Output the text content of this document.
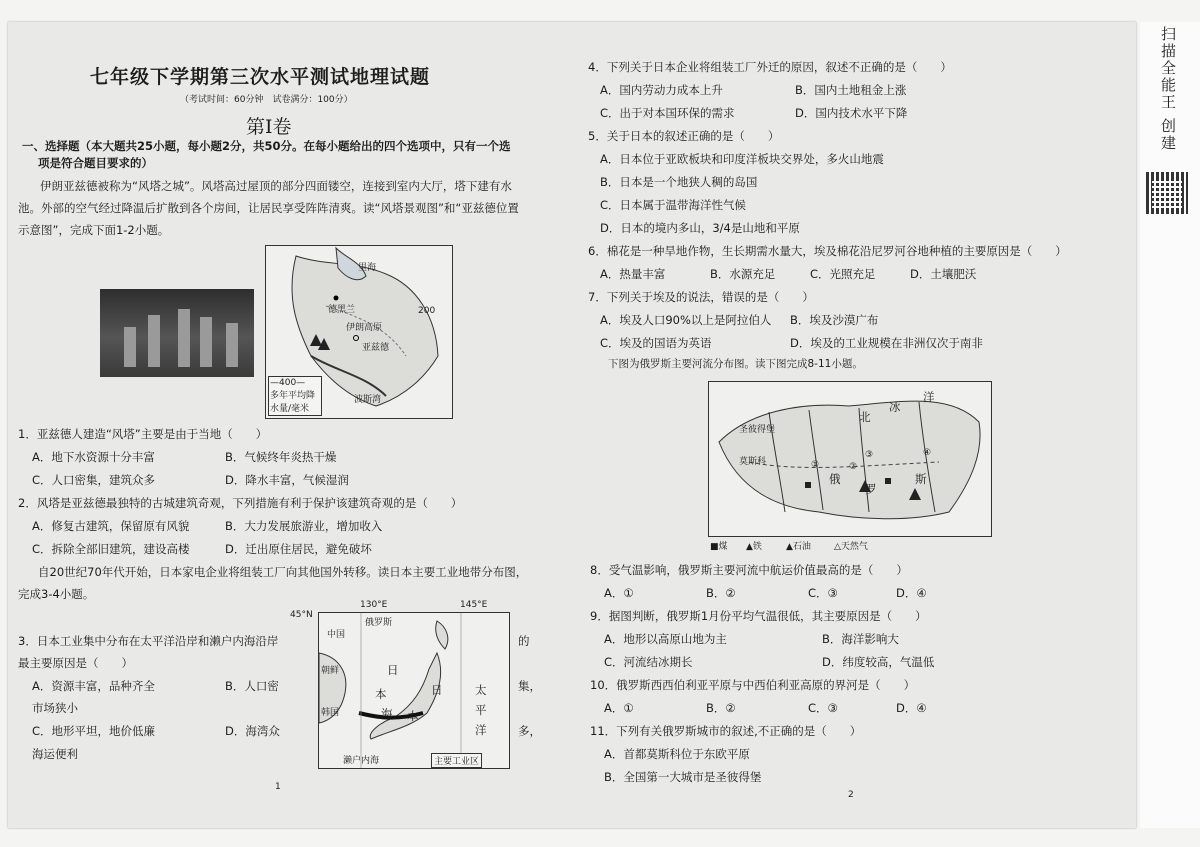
扫描全能王 创建
七年级下学期第三次水平测试地理试题
（考试时间：60分钟　试卷满分：100分）
第Ⅰ卷
一、选择题（本大题共25小题，每小题2分，共50分。在每小题给出的四个选项中，只有一个选
项是符合题目要求的）
伊朗亚兹德被称为“风塔之城”。风塔高过屋顶的部分四面镂空，连接到室内大厅，塔下建有水
池。外部的空气经过降温后扩散到各个房间，让居民享受阵阵清爽。读“风塔景观图”和“亚兹德位置
示意图”，完成下面1-2小题。
里海
德黑兰
伊朗高原
亚兹德
波斯湾
200
—400—
多年平均降
水量/毫米
1．亚兹德人建造“风塔”主要是由于当地（　　）
A．地下水资源十分丰富	B．气候终年炎热干燥
C．人口密集，建筑众多	D．降水丰富，气候湿润
2．风塔是亚兹德最独特的古城建筑奇观，下列措施有利于保护该建筑奇观的是（　　）
A．修复古建筑，保留原有风貌	B．大力发展旅游业，增加收入
C．拆除全部旧建筑，建设高楼	D．迁出原住居民，避免破坏
自20世纪70年代开始，日本家电企业将组装工厂向其他国外转移。读日本主要工业地带分布图，
完成3-4小题。
45°N
130°E	145°E
俄罗斯
中国
朝鲜
韩国
日
本
海
日
本
太
平
洋
濑户内海	主要工业区
3．日本工业集中分布在太平洋沿岸和濑户内海沿岸	的
最主要原因是（　　）
A．资源丰富，品种齐全	B．人口密	集，
市场狭小
C．地形平坦，地价低廉	D．海湾众	多，
海运便利
1
4．下列关于日本企业将组装工厂外迁的原因，叙述不正确的是（　　）
A．国内劳动力成本上升	B．国内土地租金上涨
C．出于对本国环保的需求	D．国内技术水平下降
5．关于日本的叙述正确的是（　　）
A．日本位于亚欧板块和印度洋板块交界处，多火山地震
B．日本是一个地狭人稠的岛国
C．日本属于温带海洋性气候
D．日本的境内多山，3/4是山地和平原
6．棉花是一种旱地作物，生长期需水量大，埃及棉花沿尼罗河谷地种植的主要原因是（　　）
A．热量丰富	B．水源充足	C．光照充足	D．土壤肥沃
7．下列关于埃及的说法，错误的是（　　）
A．埃及人口90%以上是阿拉伯人 B．埃及沙漠广布
C．埃及的国语为英语	D．埃及的工业规模在非洲仅次于南非
下图为俄罗斯主要河流分布图。读下图完成8-11小题。
北
冰
洋
俄
罗
斯
莫斯科
圣彼得堡
①	②
③	④
■煤 ▲铁	▲石油	△天然气
8．受气温影响，俄罗斯主要河流中航运价值最高的是（　　）
A．①	B．②	C．③	D．④
9．据图判断，俄罗斯1月份平均气温很低，其主要原因是（　　）
A．地形以高原山地为主	B．海洋影响大
C．河流结冰期长	D．纬度较高，气温低
10．俄罗斯西西伯利亚平原与中西伯利亚高原的界河是（　　）
A．①	B．②	C．③	D．④
11．下列有关俄罗斯城市的叙述,不正确的是（　　）
A．首都莫斯科位于东欧平原
B．全国第一大城市是圣彼得堡
2
